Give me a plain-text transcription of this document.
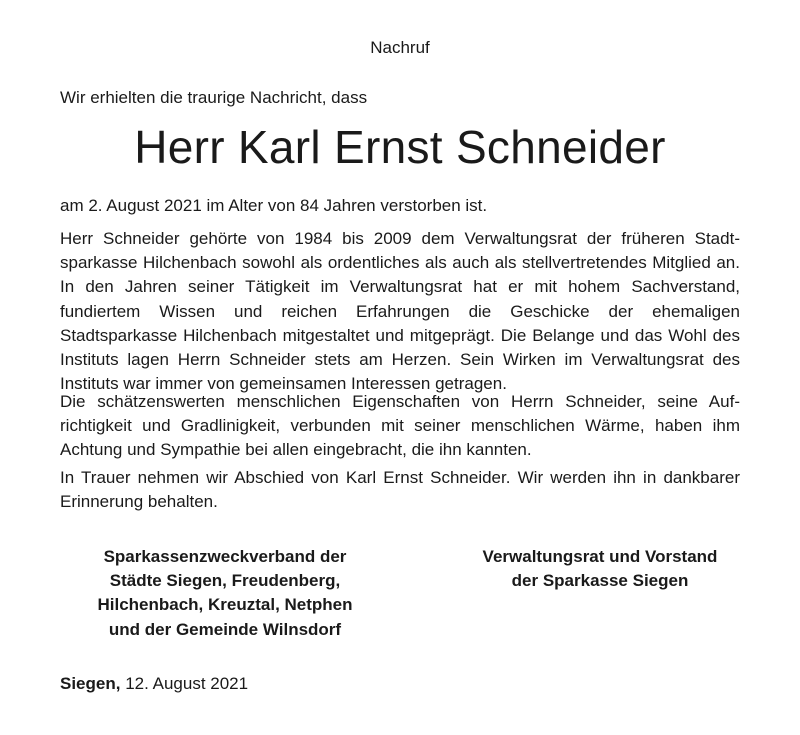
Nachruf
Wir erhielten die traurige Nachricht, dass
Herr Karl Ernst Schneider
am 2. August 2021 im Alter von 84 Jahren verstorben ist.
Herr Schneider gehörte von 1984 bis 2009 dem Verwaltungsrat der früheren Stadtsparkasse Hilchenbach sowohl als ordentliches als auch als stellvertretendes Mitglied an. In den Jahren seiner Tätigkeit im Verwaltungsrat hat er mit hohem Sachverstand, fundiertem Wissen und reichen Erfahrungen die Geschicke der ehemaligen Stadtsparkasse Hilchenbach mitgestaltet und mitgeprägt. Die Belange und das Wohl des Instituts lagen Herrn Schneider stets am Herzen. Sein Wirken im Verwaltungsrat des Instituts war immer von gemeinsamen Interessen getragen.
Die schätzenswerten menschlichen Eigenschaften von Herrn Schneider, seine Aufrichtigkeit und Gradlinigkeit, verbunden mit seiner menschlichen Wärme, haben ihm Achtung und Sympathie bei allen eingebracht, die ihn kannten.
In Trauer nehmen wir Abschied von Karl Ernst Schneider. Wir werden ihn in dankbarer Erinnerung behalten.
Sparkassenzweckverband der
Städte Siegen, Freudenberg,
Hilchenbach, Kreuztal, Netphen
und der Gemeinde Wilnsdorf
Verwaltungsrat und Vorstand
der Sparkasse Siegen
Siegen, 12. August 2021
